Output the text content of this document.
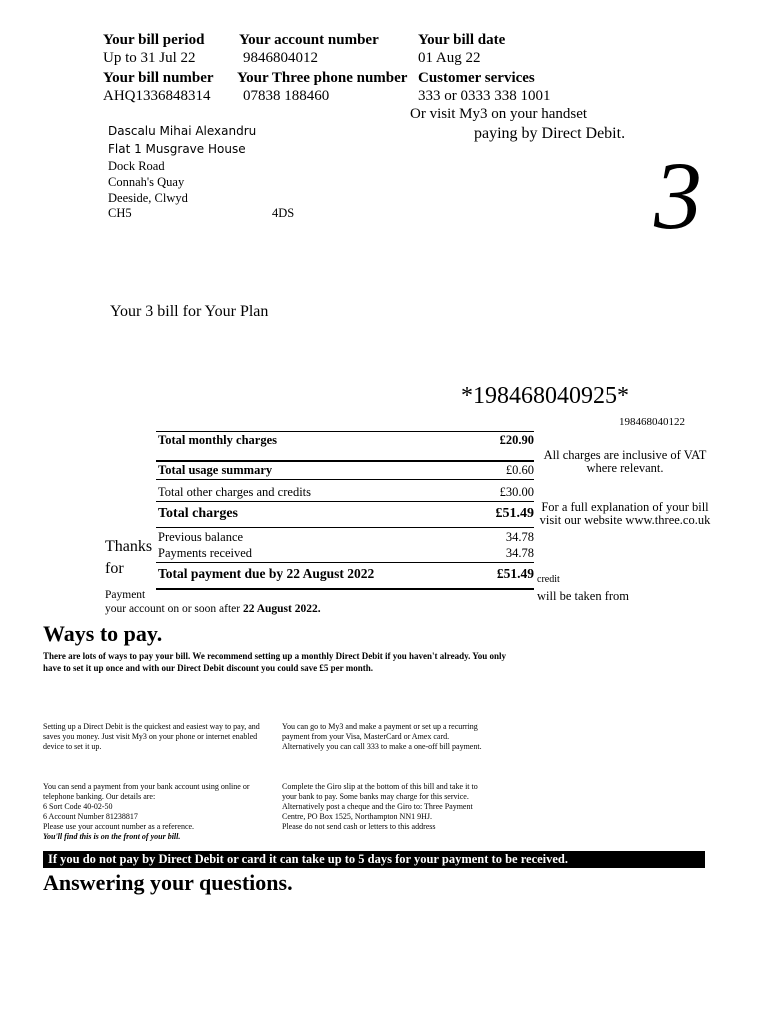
Your bill period
Up to 31 Jul 22
Your account number
9846804012
Your bill date
01 Aug 22
Your bill number
AHQ1336848314
Your Three phone number
07838 188460
Customer services
333 or 0333 338 1001
Or visit My3 on your handset
paying by Direct Debit.
Dascalu Mihai Alexandru
Flat 1 Musgrave House
Dock Road
Connah's Quay
Deeside, Clwyd
CH5	4DS	3
Your 3 bill for Your Plan
*198468040925*
198468040122
Total monthly charges	£20.90
Total usage summary	£0.60
Total other charges and credits	£30.00
Total charges	£51.49
Previous balance	34.78
Payments received	34.78
Total payment due by 22 August 2022	£51.49
All charges are inclusive of VAT where relevant.
For a full explanation of your bill visit our website www.three.co.uk
credit
will be taken from
Thanks
for
Payment
your account on or soon after 22 August 2022.
Ways to pay.
There are lots of ways to pay your bill. We recommend setting up a monthly Direct Debit if you haven't already. You only have to set it up once and with our Direct Debit discount you could save £5 per month.
Setting up a Direct Debit is the quickest and easiest way to pay, and saves you money. Just visit My3 on your phone or internet enabled device to set it up.
You can go to My3 and make a payment or set up a recurring payment from your Visa, MasterCard or Amex card. Alternatively you can call 333 to make a one-off bill payment.
You can send a payment from your bank account using online or telephone banking. Our details are:
6 Sort Code 40-02-50
6 Account Number 81238817
Please use your account number as a reference.
You'll find this is on the front of your bill.
Complete the Giro slip at the bottom of this bill and take it to your bank to pay. Some banks may charge for this service.
Alternatively post a cheque and the Giro to: Three Payment Centre, PO Box 1525, Northampton NN1 9HJ.
Please do not send cash or letters to this address
If you do not pay by Direct Debit or card it can take up to 5 days for your payment to be received.
Answering your questions.
